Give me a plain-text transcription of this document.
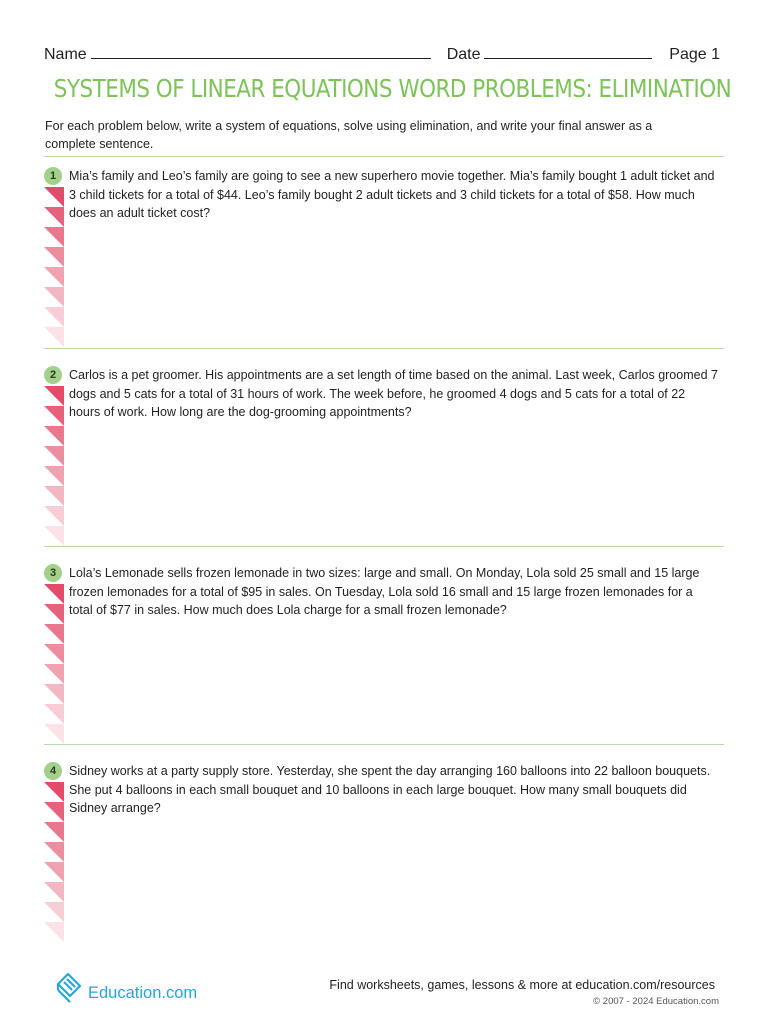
Name	Date	Page 1
SYSTEMS OF LINEAR EQUATIONS WORD PROBLEMS: ELIMINATION
For each problem below, write a system of equations, solve using elimination, and write your final answer as a complete sentence.
1	Mia’s family and Leo’s family are going to see a new superhero movie together. Mia’s family bought 1 adult ticket and 3 child tickets for a total of $44. Leo’s family bought 2 adult tickets and 3 child tickets for a total of $58. How much does an adult ticket cost?
2	Carlos is a pet groomer. His appointments are a set length of time based on the animal. Last week, Carlos groomed 7 dogs and 5 cats for a total of 31 hours of work. The week before, he groomed 4 dogs and 5 cats for a total of 22 hours of work. How long are the dog-grooming appointments?
3	Lola’s Lemonade sells frozen lemonade in two sizes: large and small. On Monday, Lola sold 25 small and 15 large frozen lemonades for a total of $95 in sales. On Tuesday, Lola sold 16 small and 15 large frozen lemonades for a total of $77 in sales. How much does Lola charge for a small frozen lemonade?
4	Sidney works at a party supply store. Yesterday, she spent the day arranging 160 balloons into 22 balloon bouquets. She put 4 balloons in each small bouquet and 10 balloons in each large bouquet. How many small bouquets did Sidney arrange?
Education.com	Find worksheets, games, lessons & more at education.com/resources
© 2007 - 2024 Education.com
